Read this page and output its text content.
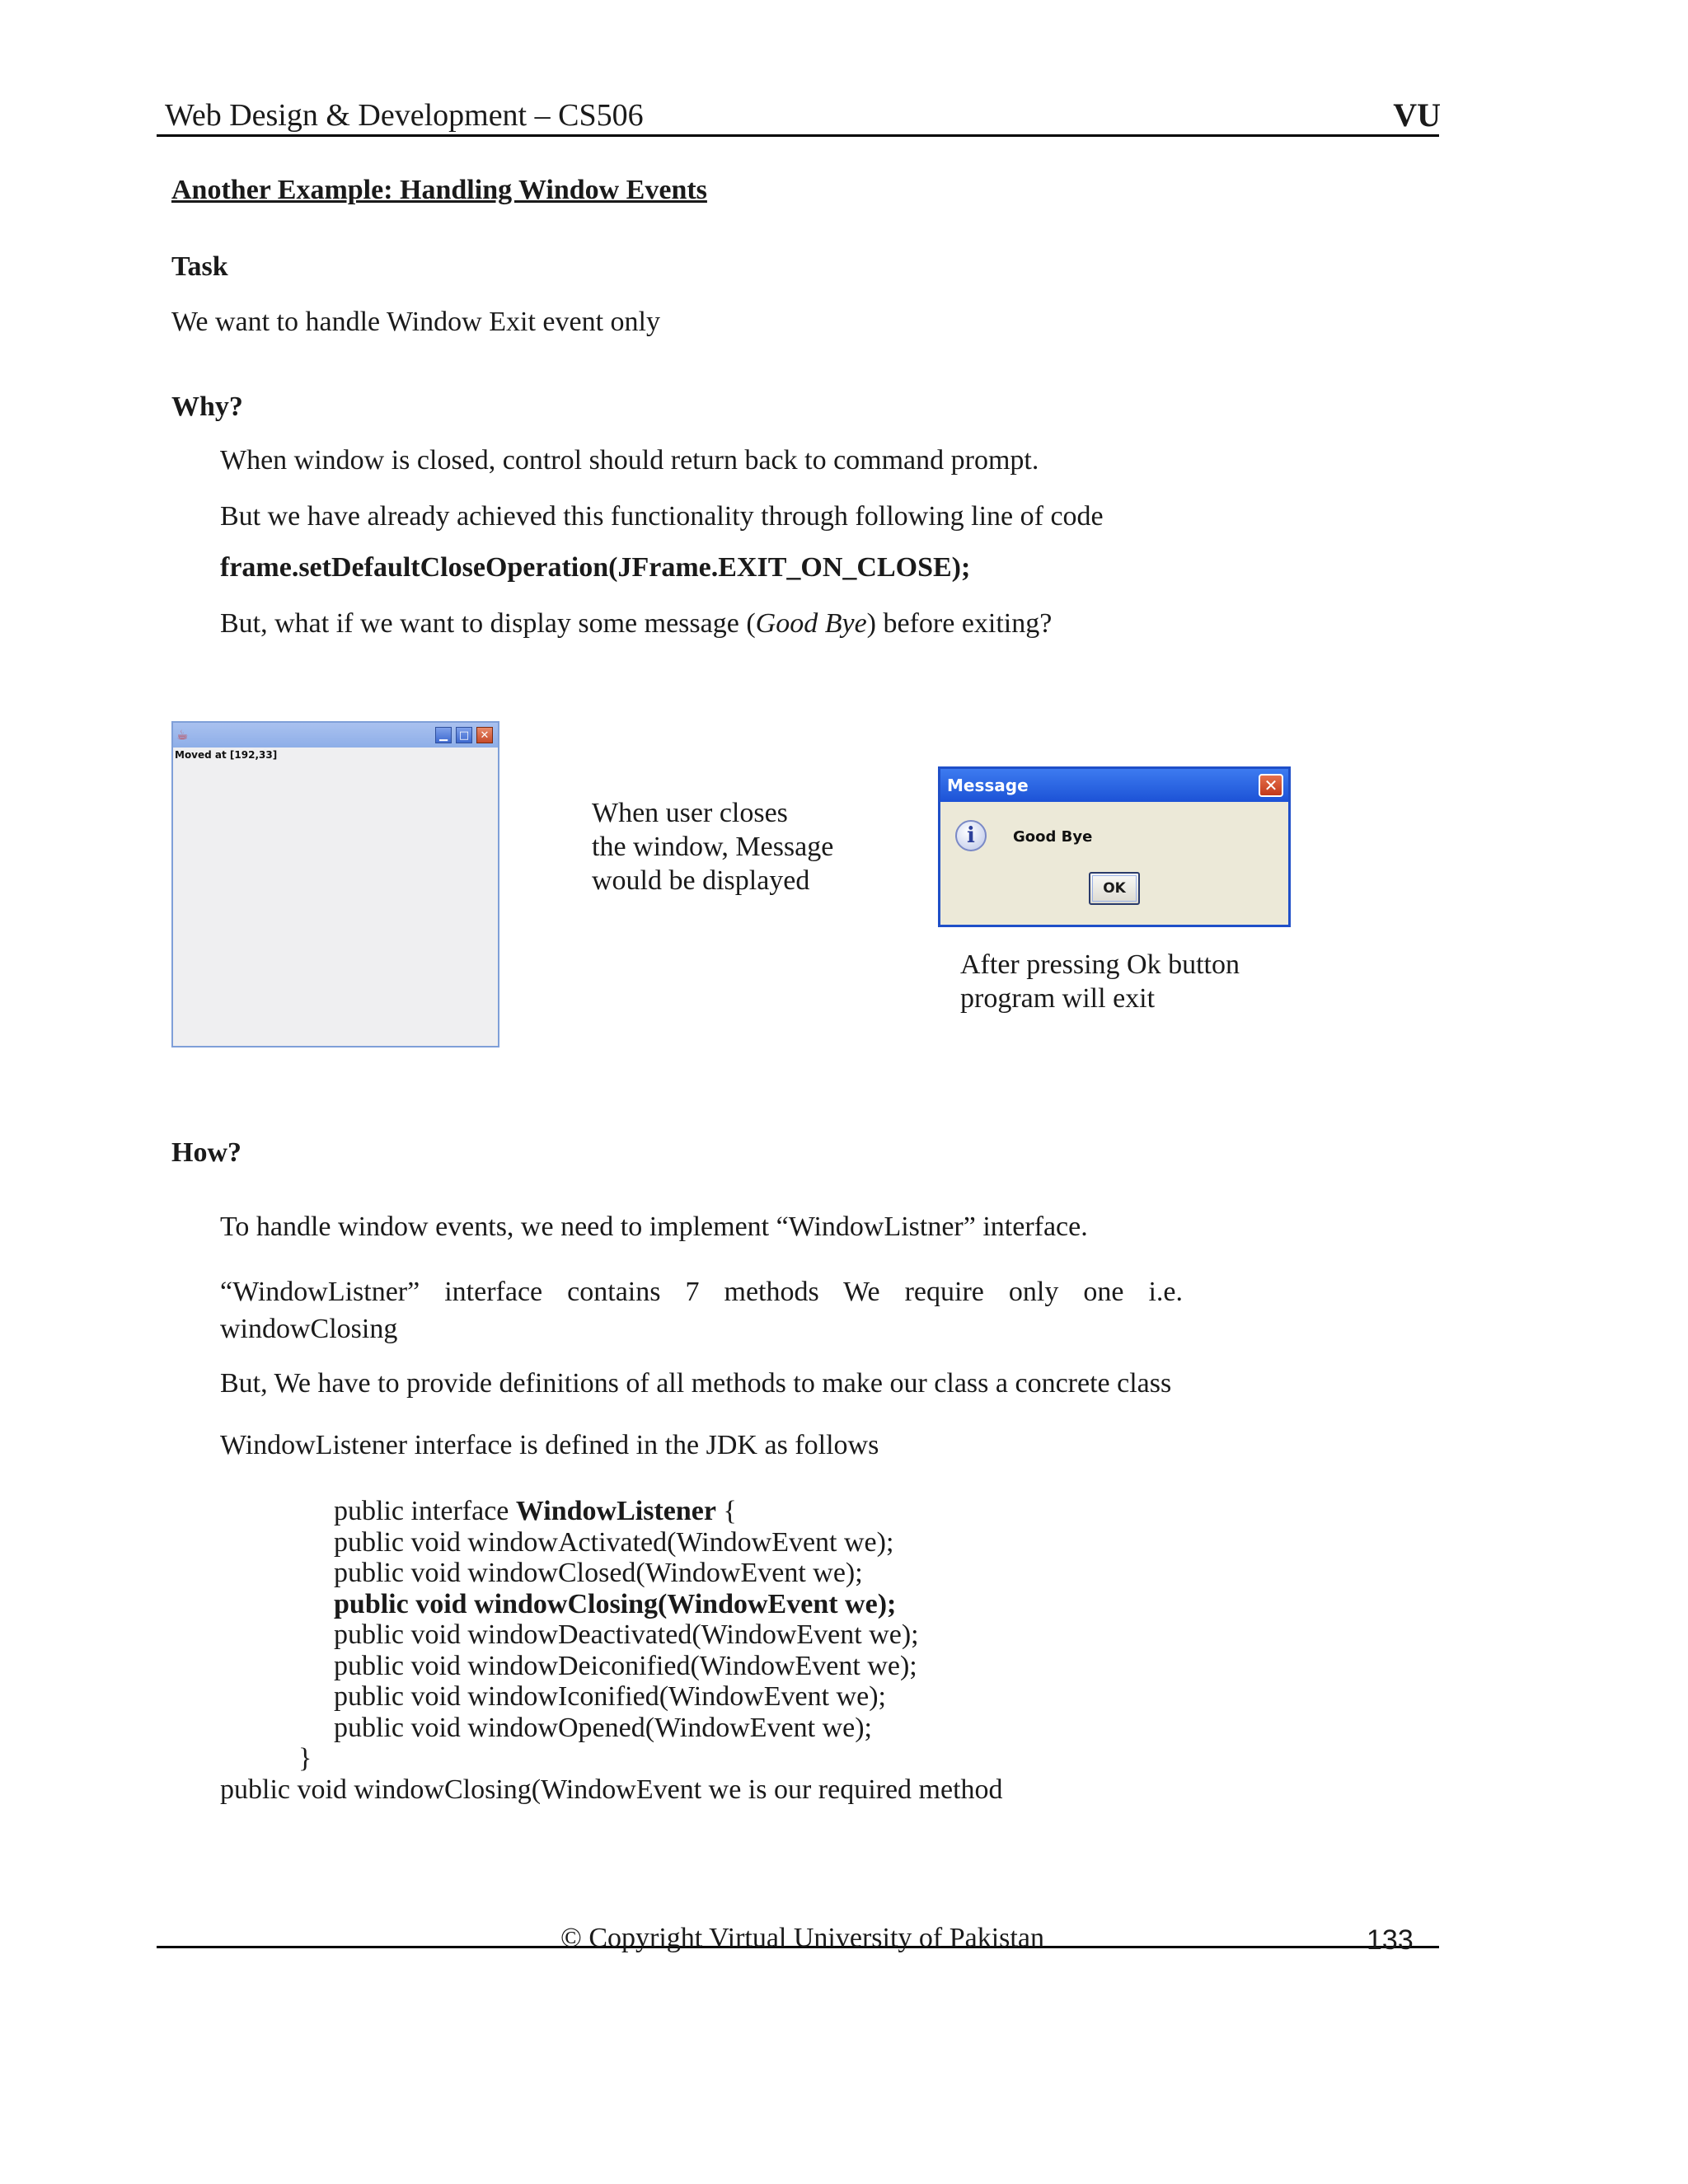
Web Design & Development – CS506	VU
Another Example: Handling Window Events
Task
We want to handle Window Exit event only
Why?
When window is closed, control should return back to command prompt.
But we have already achieved this functionality through following line of code
frame.setDefaultCloseOperation(JFrame.EXIT_ON_CLOSE);
But, what if we want to display some message (Good Bye) before exiting?
☕	▁	□	✕
Moved at [192,33]
When user closes
the window, Message
would be displayed
Message	✕
i	Good Bye
OK
After pressing Ok button
program will exit
How?
To handle window events, we need to implement “WindowListner” interface.
“WindowListner” interface contains 7 methods We require only one i.e. windowClosing
But, We have to provide definitions of all methods to make our class a concrete class
WindowListener interface is defined in the JDK as follows
public interface WindowListener {
public void windowActivated(WindowEvent we);
public void windowClosed(WindowEvent we);
public void windowClosing(WindowEvent we);
public void windowDeactivated(WindowEvent we);
public void windowDeiconified(WindowEvent we);
public void windowIconified(WindowEvent we);
public void windowOpened(WindowEvent we);
}
public void windowClosing(WindowEvent we is our required method
© Copyright Virtual University of Pakistan	133
